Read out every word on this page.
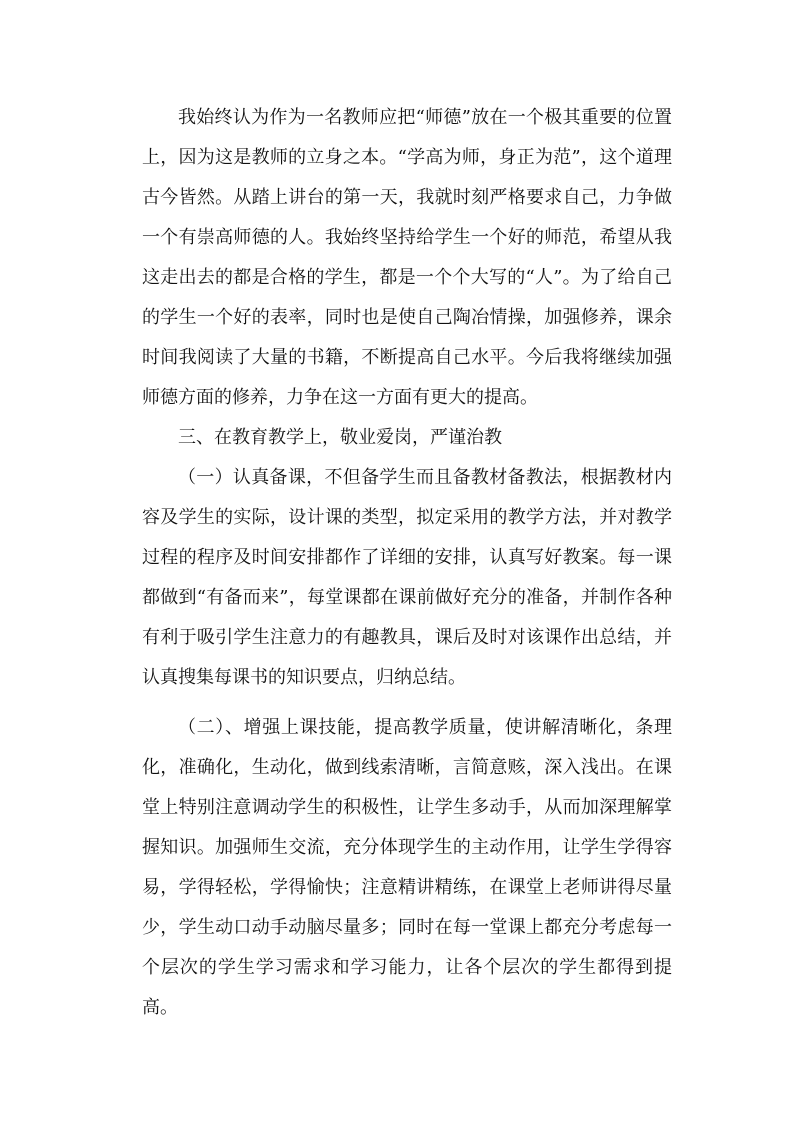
我始终认为作为一名教师应把“师德”放在一个极其重要的位置上，因为这是教师的立身之本。“学高为师，身正为范”，这个道理古今皆然。从踏上讲台的第一天，我就时刻严格要求自己，力争做一个有崇高师德的人。我始终坚持给学生一个好的师范，希望从我这走出去的都是合格的学生，都是一个个大写的“人”。为了给自己的学生一个好的表率，同时也是使自己陶冶情操，加强修养，课余时间我阅读了大量的书籍，不断提高自己水平。今后我将继续加强师德方面的修养，力争在这一方面有更大的提高。

三、在教育教学上，敬业爱岗，严谨治教

（一）认真备课，不但备学生而且备教材备教法，根据教材内容及学生的实际，设计课的类型，拟定采用的教学方法，并对教学过程的程序及时间安排都作了详细的安排，认真写好教案。每一课都做到“有备而来”，每堂课都在课前做好充分的准备，并制作各种有利于吸引学生注意力的有趣教具，课后及时对该课作出总结，并认真搜集每课书的知识要点，归纳总结。

（二）、增强上课技能，提高教学质量，使讲解清晰化，条理化，准确化，生动化，做到线索清晰，言简意赅，深入浅出。在课堂上特别注意调动学生的积极性，让学生多动手，从而加深理解掌握知识。加强师生交流，充分体现学生的主动作用，让学生学得容易，学得轻松，学得愉快；注意精讲精练，在课堂上老师讲得尽量少，学生动口动手动脑尽量多；同时在每一堂课上都充分考虑每一个层次的学生学习需求和学习能力，让各个层次的学生都得到提高。
